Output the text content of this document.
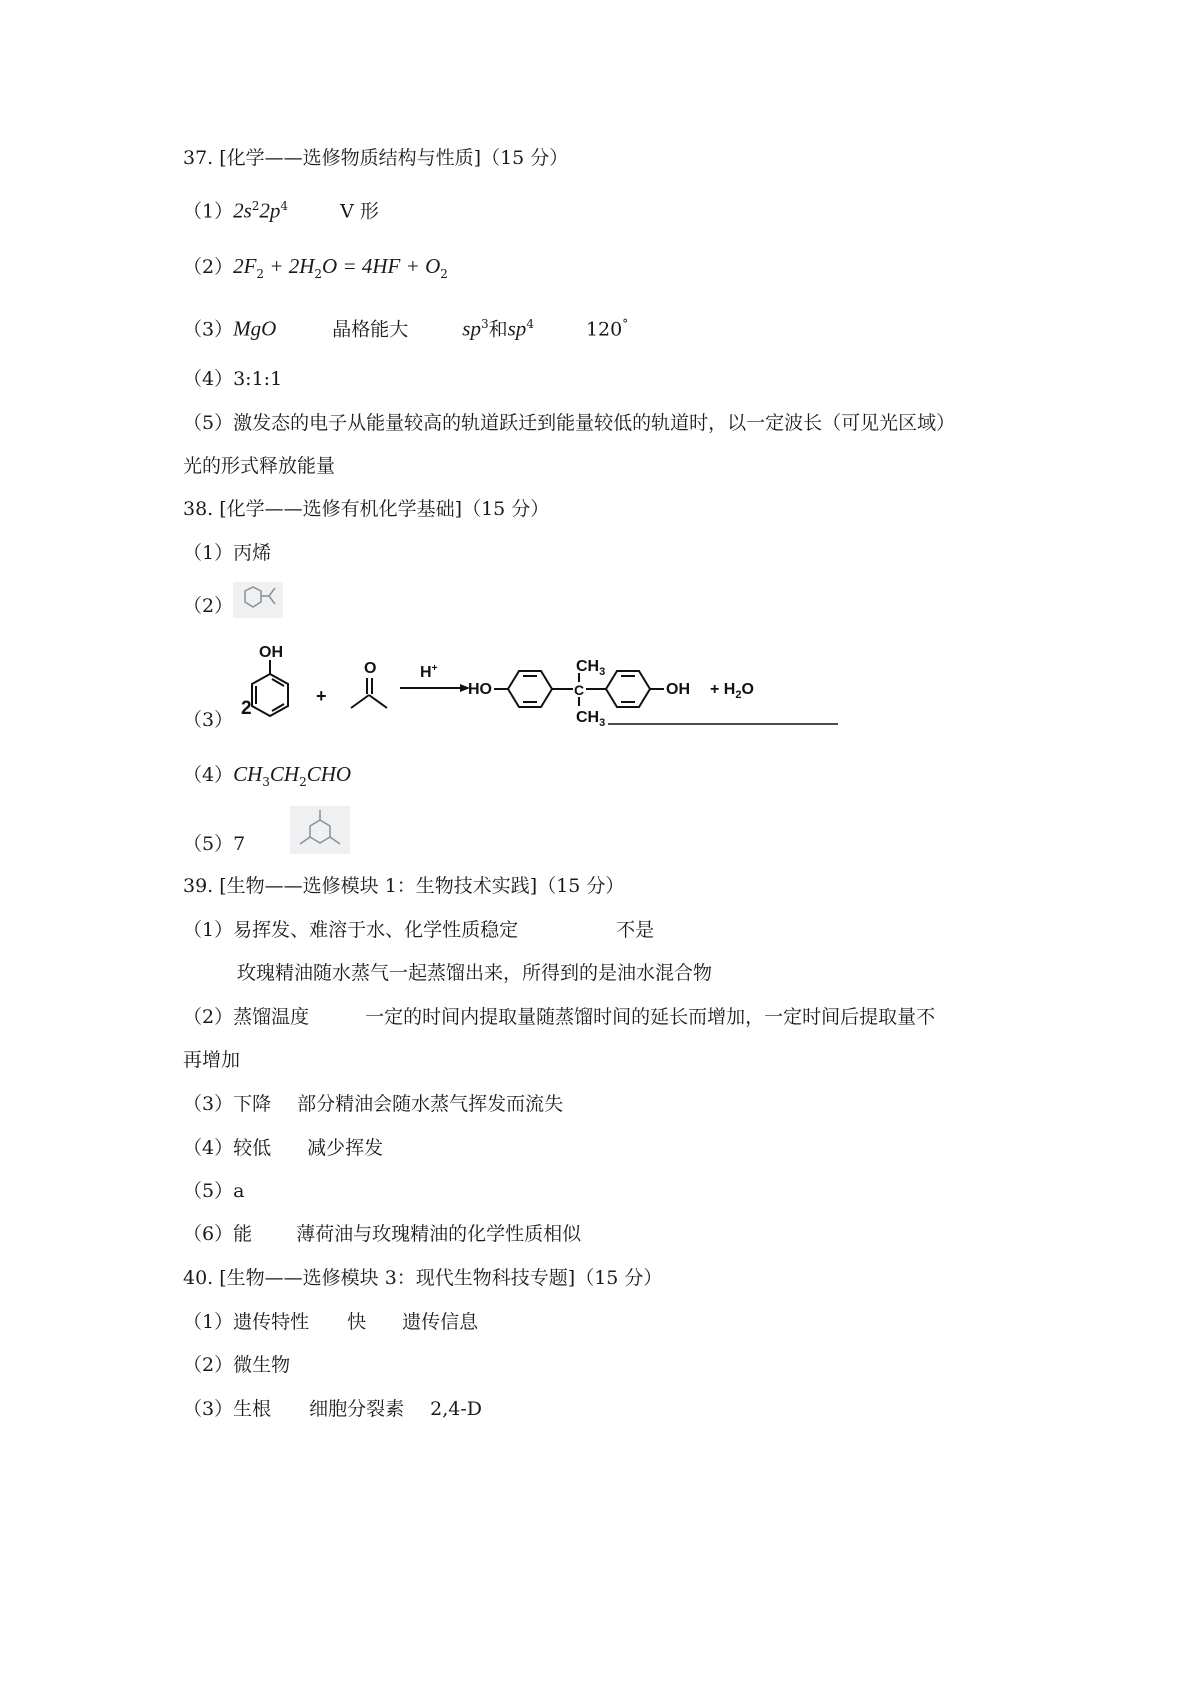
37. [化学——选修物质结构与性质]（15 分）
$(1)2s^22p^4$	V 形
$(2)2F_2 + 2H_2O = 4HF + O_2$
（3）MgO	晶格能大	$sp^3$和$sp^4$	120°
（4）3:1:1
（5）激发态的电子从能量较高的轨道跃迁到能量较低的轨道时，以一定波长（可见光区域）
光的形式释放能量
38. [化学——选修有机化学基础]（15 分）
（1）丙烯
（2）
（3）
2
OH
+
O	H+
HO
$CH_3$
C
$CH_3$
OH + $H_2O$
$(4)CH_3CH_2CHO$
（5）7
39. [生物——选修模块 1：生物技术实践]（15 分）
（1）易挥发、难溶于水、化学性质稳定	不是
玫瑰精油随水蒸气一起蒸馏出来，所得到的是油水混合物
（2）蒸馏温度	一定的时间内提取量随蒸馏时间的延长而增加，一定时间后提取量不
再增加
（3）下降 部分精油会随水蒸气挥发而流失
（4）较低 减少挥发
（5）a
（6）能 薄荷油与玫瑰精油的化学性质相似
40. [生物——选修模块 3：现代生物科技专题]（15 分）
（1）遗传特性 快 遗传信息
（2）微生物
（3）生根 细胞分裂素 2,4-D
